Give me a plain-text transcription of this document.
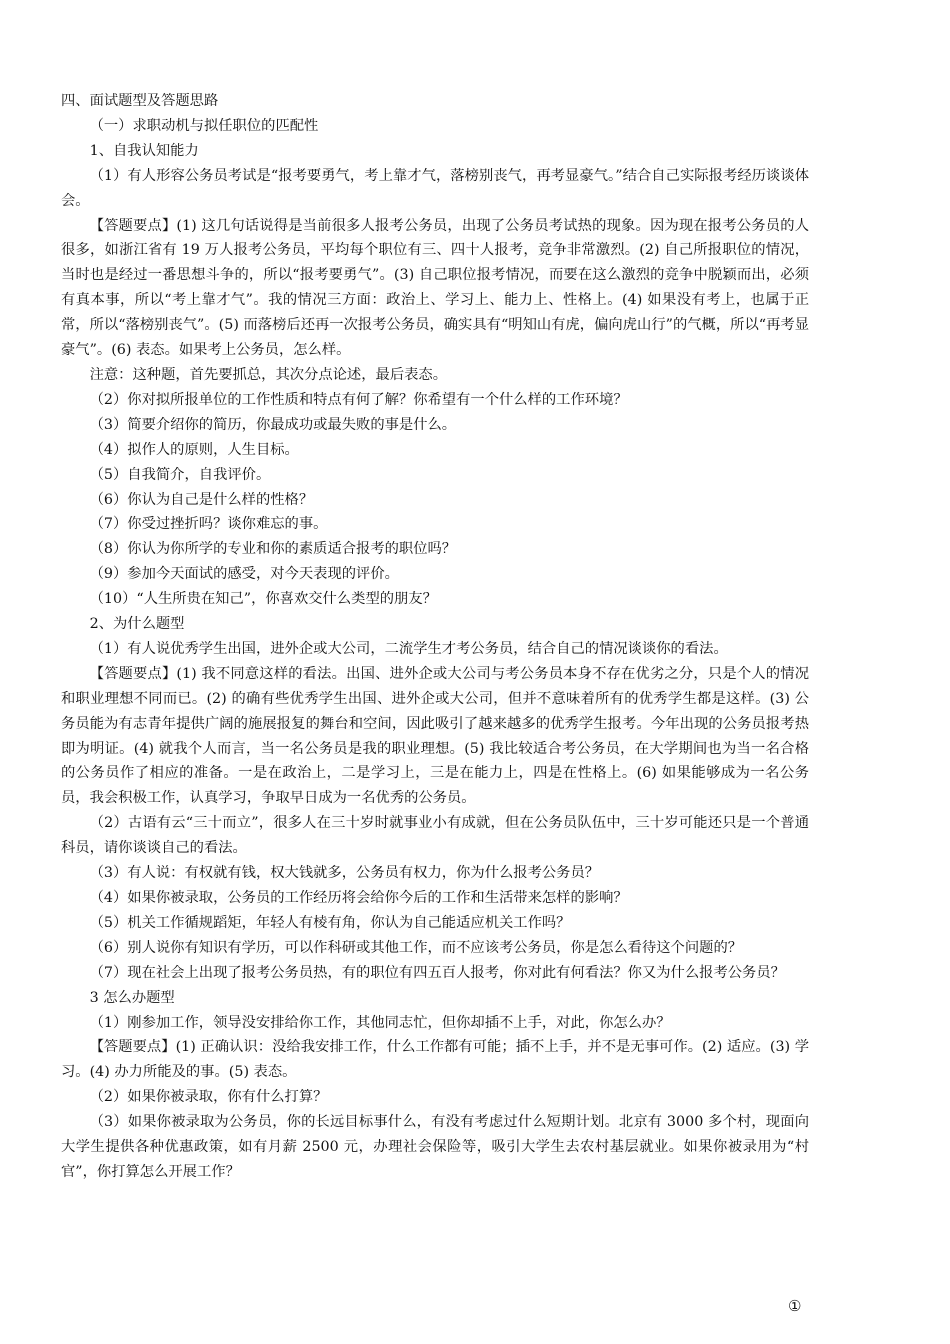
四、面试题型及答题思路

（一）求职动机与拟任职位的匹配性

1、自我认知能力

（1）有人形容公务员考试是“报考要勇气，考上靠才气，落榜别丧气，再考显豪气。”结合自己实际报考经历谈谈体会。

【答题要点】(1) 这几句话说得是当前很多人报考公务员，出现了公务员考试热的现象。因为现在报考公务员的人很多，如浙江省有 19 万人报考公务员，平均每个职位有三、四十人报考，竞争非常激烈。(2) 自己所报职位的情况，当时也是经过一番思想斗争的，所以“报考要勇气”。(3) 自己职位报考情况，而要在这么激烈的竞争中脱颖而出，必须有真本事，所以“考上靠才气”。我的情况三方面：政治上、学习上、能力上、性格上。(4) 如果没有考上，也属于正常，所以“落榜别丧气”。(5) 而落榜后还再一次报考公务员，确实具有“明知山有虎，偏向虎山行”的气概，所以“再考显豪气”。(6) 表态。如果考上公务员，怎么样。

注意：这种题，首先要抓总，其次分点论述，最后表态。

（2）你对拟所报单位的工作性质和特点有何了解？你希望有一个什么样的工作环境？

（3）简要介绍你的简历，你最成功或最失败的事是什么。

（4）拟作人的原则，人生目标。

（5）自我简介，自我评价。

（6）你认为自己是什么样的性格？

（7）你受过挫折吗？谈你难忘的事。

（8）你认为你所学的专业和你的素质适合报考的职位吗？

（9）参加今天面试的感受，对今天表现的评价。

（10）“人生所贵在知己”，你喜欢交什么类型的朋友？

2、为什么题型

（1）有人说优秀学生出国，进外企或大公司，二流学生才考公务员，结合自己的情况谈谈你的看法。

【答题要点】(1) 我不同意这样的看法。出国、进外企或大公司与考公务员本身不存在优劣之分，只是个人的情况和职业理想不同而已。(2) 的确有些优秀学生出国、进外企或大公司，但并不意味着所有的优秀学生都是这样。(3) 公务员能为有志青年提供广阔的施展报复的舞台和空间，因此吸引了越来越多的优秀学生报考。今年出现的公务员报考热即为明证。(4) 就我个人而言，当一名公务员是我的职业理想。(5) 我比较适合考公务员，在大学期间也为当一名合格的公务员作了相应的准备。一是在政治上，二是学习上，三是在能力上，四是在性格上。(6) 如果能够成为一名公务员，我会积极工作，认真学习，争取早日成为一名优秀的公务员。

（2）古语有云“三十而立”，很多人在三十岁时就事业小有成就，但在公务员队伍中，三十岁可能还只是一个普通科员，请你谈谈自己的看法。

（3）有人说：有权就有钱，权大钱就多，公务员有权力，你为什么报考公务员？

（4）如果你被录取，公务员的工作经历将会给你今后的工作和生活带来怎样的影响？

（5）机关工作循规蹈矩，年轻人有棱有角，你认为自己能适应机关工作吗？

（6）别人说你有知识有学历，可以作科研或其他工作，而不应该考公务员，你是怎么看待这个问题的？

（7）现在社会上出现了报考公务员热，有的职位有四五百人报考，你对此有何看法？你又为什么报考公务员？

3 怎么办题型

（1）刚参加工作，领导没安排给你工作，其他同志忙，但你却插不上手，对此，你怎么办？

【答题要点】(1) 正确认识：没给我安排工作，什么工作都有可能；插不上手，并不是无事可作。(2) 适应。(3) 学习。(4) 办力所能及的事。(5) 表态。

（2）如果你被录取，你有什么打算？

（3）如果你被录取为公务员，你的长远目标事什么，有没有考虑过什么短期计划。北京有 3000 多个村，现面向大学生提供各种优惠政策，如有月薪 2500 元，办理社会保险等，吸引大学生去农村基层就业。如果你被录用为“村官”，你打算怎么开展工作？

①
